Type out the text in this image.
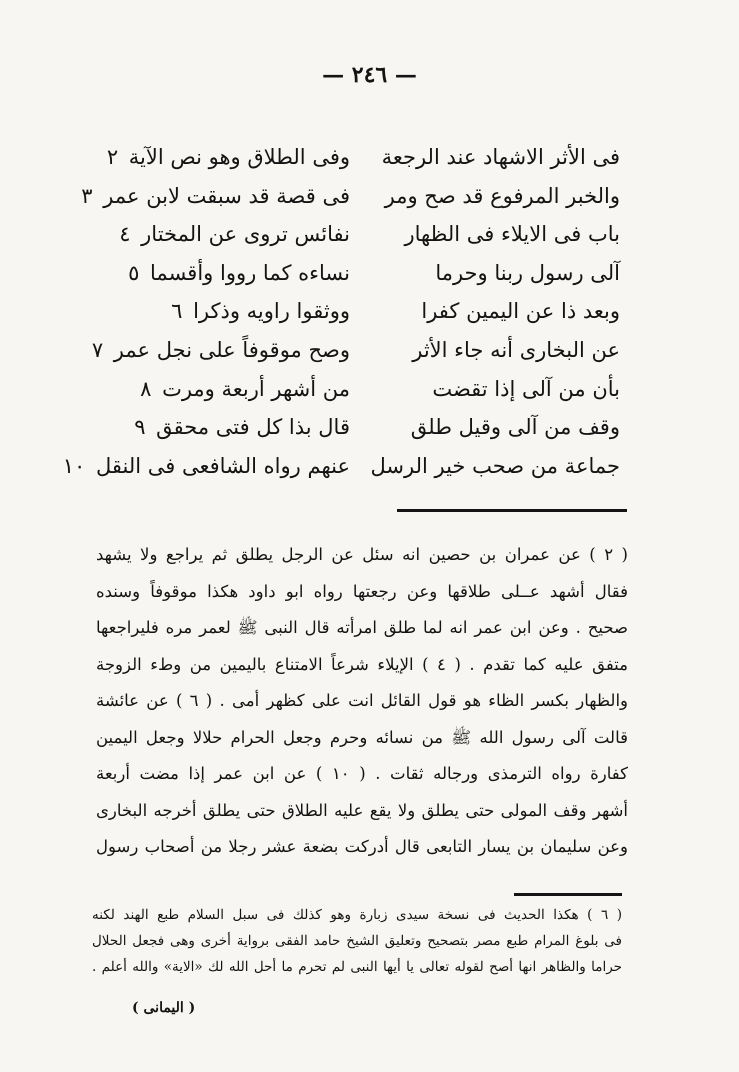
— ٢٤٦ —
فى الأثر الاشهاد عند الرجعة
وفى الطلاق وهو نص الآية ٢
والخبر المرفوع قد صح ومر
فى قصة قد سبقت لابن عمر ٣
باب فى الايلاء فى الظهار
نفائس تروى عن المختار ٤
آلى رسول ربنا وحرما
نساءه كما رووا وأقسما ٥
وبعد ذا عن اليمين كفرا
ووثقوا راويه وذكرا ٦
عن البخارى أنه جاء الأثر
وصح موقوفاً على نجل عمر ٧
بأن من آلى إذا تقضت
من أشهر أربعة ومرت ٨
وقف من آلى وقيل طلق
قال بذا كل فتى محقق ٩
جماعة من صحب خير الرسل
عنهم رواه الشافعى فى النقل ١٠
( ٢ ) عن عمران بن حصين انه سئل عن الرجل يطلق ثم يراجع ولا يشهد
فقال أشهد عــلى طلاقها وعن رجعتها رواه ابو داود هكذا موقوفاً وسنده
صحيح . وعن ابن عمر انه لما طلق امرأته قال النبى ﷺ لعمر مره فليراجعها
متفق عليه كما تقدم . ( ٤ ) الإيلاء شرعاً الامتناع باليمين من وطء الزوجة
والظهار بكسر الظاء هو قول القائل انت على كظهر أمى . ( ٦ ) عن عائشة
قالت آلى رسول الله ﷺ من نسائه وحرم وجعل الحرام حلالا وجعل اليمين
كفارة رواه الترمذى ورجاله ثقات . ( ١٠ ) عن ابن عمر إذا مضت أربعة
أشهر وقف المولى حتى يطلق ولا يقع عليه الطلاق حتى يطلق أخرجه البخارى
وعن سليمان بن يسار التابعى قال أدركت بضعة عشر رجلا من أصحاب رسول
( ٦ ) هكذا الحديث فى نسخة سيدى زبارة وهو كذلك فى سبل السلام طبع الهند لكنه
فى بلوغ المرام طبع مصر بتصحيح وتعليق الشيخ حامد الفقى برواية أخرى وهى فجعل الحلال
حراما والظاهر انها أصح لقوله تعالى يا أيها النبى لم تحرم ما أحل الله لك «الاية» والله أعلم .
( اليمانى )
